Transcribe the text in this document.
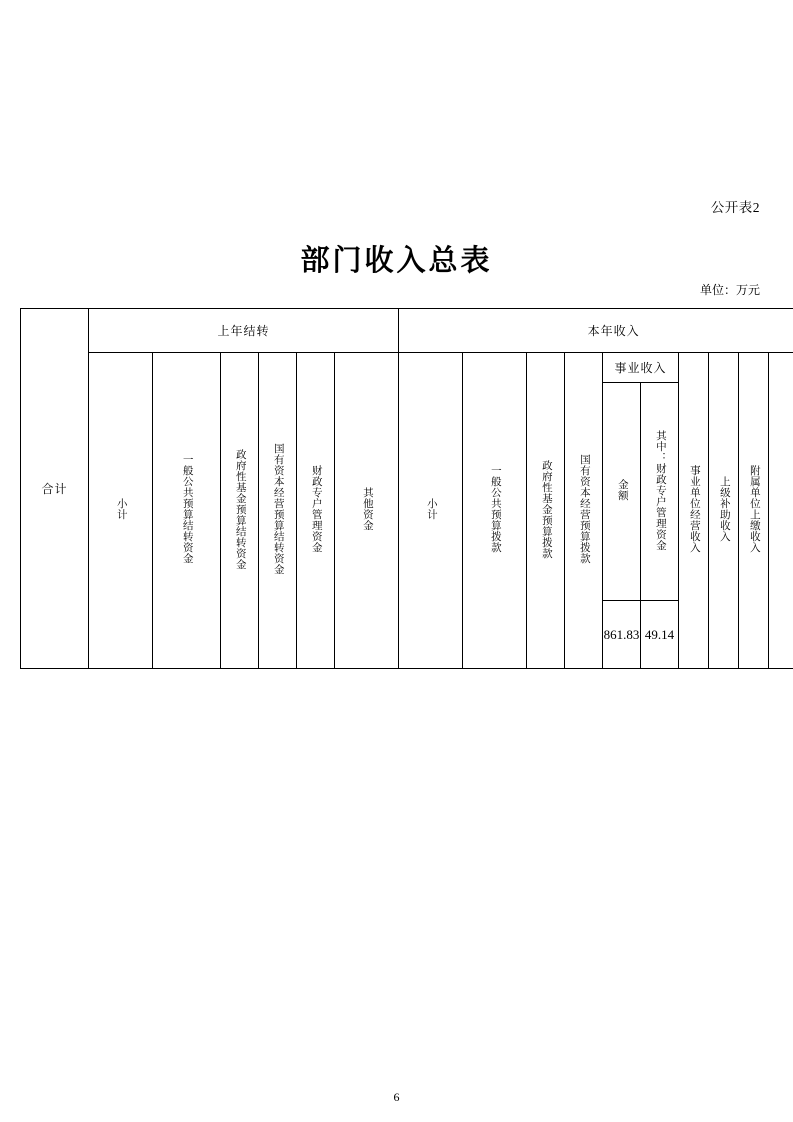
公开表2
部门收入总表
单位：万元
合计	上年结转						本年收入	
	小计	一般公共预算结转资金	政府性基金预算结转资金	国有资本经营预算结转资金	财政专户管理资金	其他资金	小计	一般公共预算拨款	政府性基金预算拨款	国有资本经营预算拨款	事业收入		事业单位经营收入	上级补助收入	附属单位上缴收入	
											金额	其中：财政专户管理资金						
											861.83	49.14																
6
